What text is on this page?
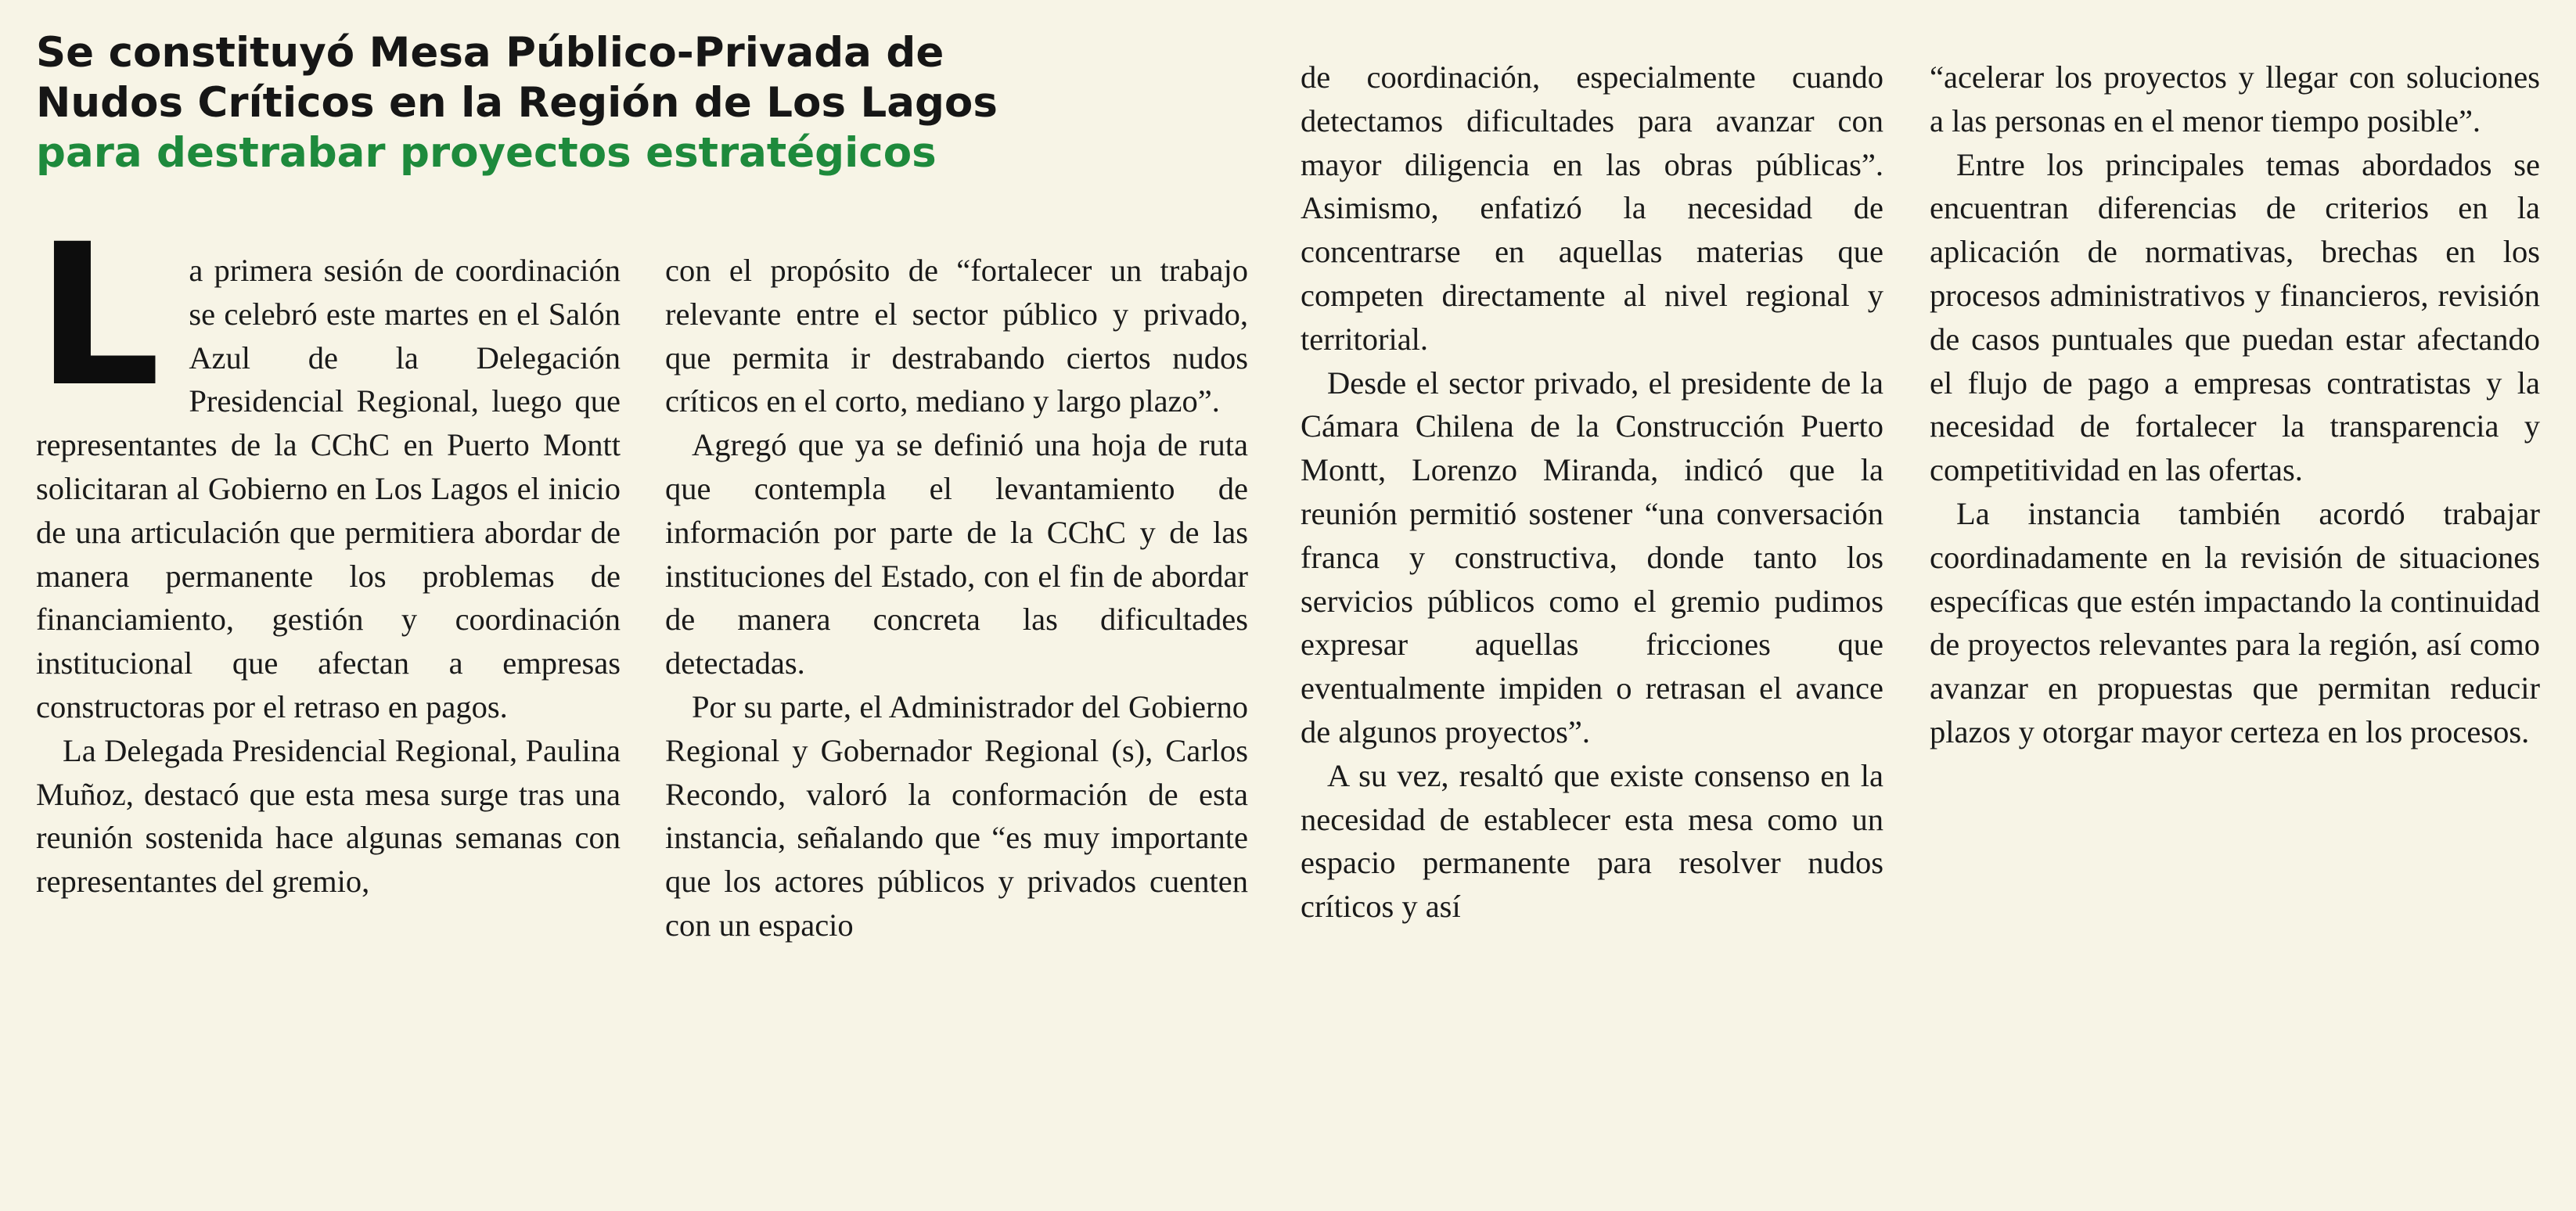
Se constituyó Mesa Público-Privada de
Nudos Críticos en la Región de Los Lagos
para destrabar proyectos estratégicos

La primera sesión de coordinación se celebró este martes en el Salón Azul de la Delegación Presidencial Regional, luego que representantes de la CChC en Puerto Montt solicitaran al Gobierno en Los Lagos el inicio de una articulación que permitiera abordar de manera permanente los problemas de financiamiento, gestión y coordinación institucional que afectan a empresas constructoras por el retraso en pagos.

La Delegada Presidencial Regional, Paulina Muñoz, destacó que esta mesa surge tras una reunión sostenida hace algunas semanas con representantes del gremio,

con el propósito de “fortalecer un trabajo relevante entre el sector público y privado, que permita ir destrabando ciertos nudos críticos en el corto, mediano y largo plazo”.

Agregó que ya se definió una hoja de ruta que contempla el levantamiento de información por parte de la CChC y de las instituciones del Estado, con el fin de abordar de manera concreta las dificultades detectadas.

Por su parte, el Administrador del Gobierno Regional y Gobernador Regional (s), Carlos Recondo, valoró la conformación de esta instancia, señalando que “es muy importante que los actores públicos y privados cuenten con un espacio

de coordinación, especialmente cuando detectamos dificultades para avanzar con mayor diligencia en las obras públicas”. Asimismo, enfatizó la necesidad de concentrarse en aquellas materias que competen directamente al nivel regional y territorial.

Desde el sector privado, el presidente de la Cámara Chilena de la Construcción Puerto Montt, Lorenzo Miranda, indicó que la reunión permitió sostener “una conversación franca y constructiva, donde tanto los servicios públicos como el gremio pudimos expresar aquellas fricciones que eventualmente impiden o retrasan el avance de algunos proyectos”.

A su vez, resaltó que existe consenso en la necesidad de establecer esta mesa como un espacio permanente para resolver nudos críticos y así

“acelerar los proyectos y llegar con soluciones a las personas en el menor tiempo posible”.

Entre los principales temas abordados se encuentran diferencias de criterios en la aplicación de normativas, brechas en los procesos administrativos y financieros, revisión de casos puntuales que puedan estar afectando el flujo de pago a empresas contratistas y la necesidad de fortalecer la transparencia y competitividad en las ofertas.

La instancia también acordó trabajar coordinadamente en la revisión de situaciones específicas que estén impactando la continuidad de proyectos relevantes para la región, así como avanzar en propuestas que permitan reducir plazos y otorgar mayor certeza en los procesos.
